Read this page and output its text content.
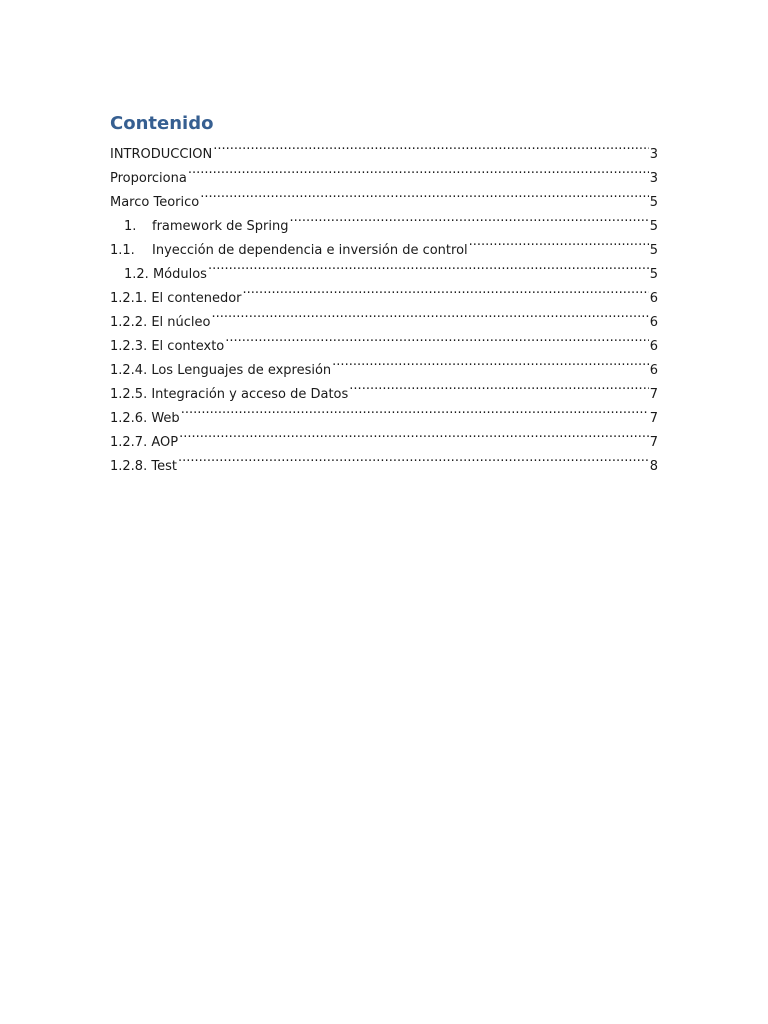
Contenido
INTRODUCCION .....	3
Proporciona .....	3
Marco Teorico .....	5
1.	framework de Spring .....	5
1.1.	Inyección de dependencia e inversión de control .....	5
1.2. Módulos .....	5
1.2.1. El contenedor .....	6
1.2.2. El núcleo .....	6
1.2.3. El contexto .....	6
1.2.4. Los Lenguajes de expresión .....	6
1.2.5. Integración y acceso de Datos .....	7
1.2.6. Web .....	7
1.2.7. AOP .....	7
1.2.8. Test .....	8
